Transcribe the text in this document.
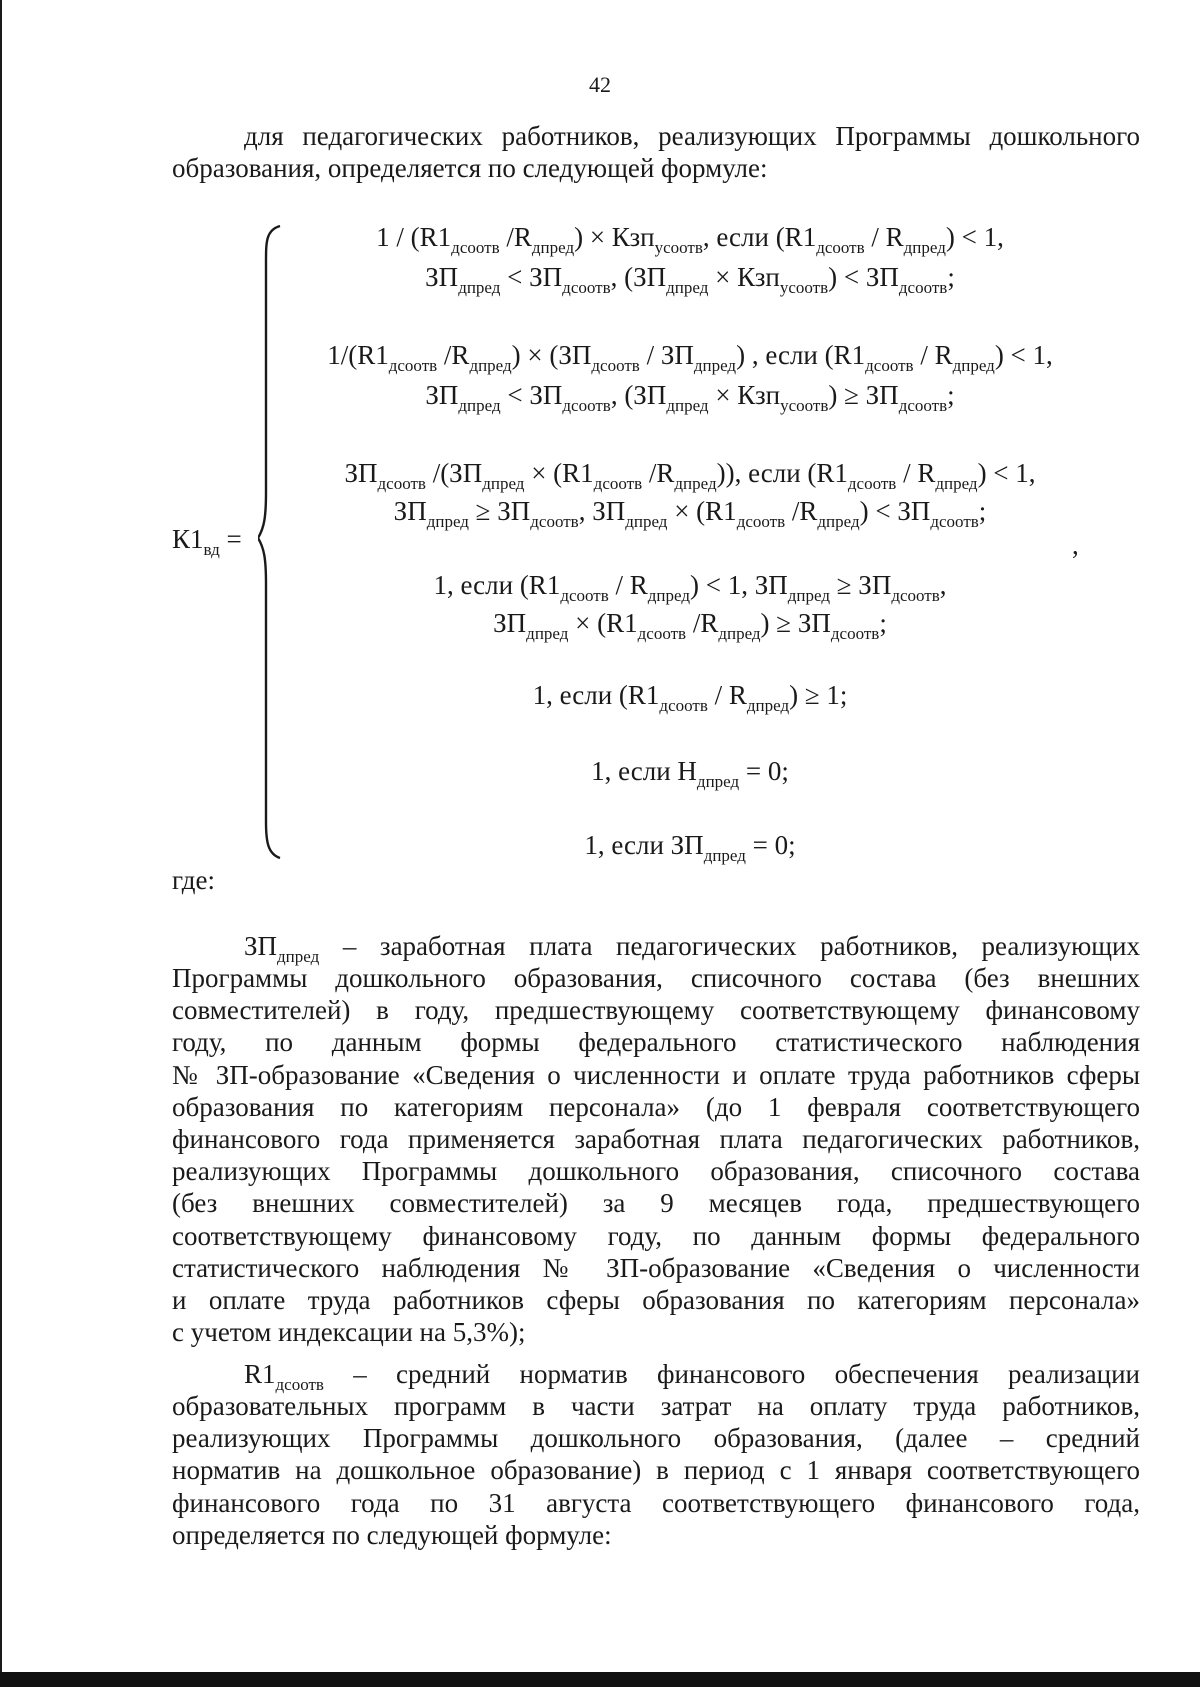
42
для педагогических работников, реализующих Программы дошкольного
образования, определяется по следующей формуле:
$К1_{вд}$ =
$1 / (R1_{дсоотв}$ $/R_{дпред}) \times Кзп_{усоотв}$, если $(R1_{дсоотв} / R_{дпред}) < 1$,
$ЗП_{дпред} < ЗП_{дсоотв}$, $(ЗП_{дпред} \times Кзп_{усоотв}) < ЗП_{дсоотв}$;
$1/(R1_{дсоотв}$ $/R_{дпред}) \times (ЗП_{дсоотв} / ЗП_{дпред})$ , если $(R1_{дсоотв} / R_{дпред}) < 1$,
$ЗП_{дпред} < ЗП_{дсоотв}$, $(ЗП_{дпред} \times Кзп_{усоотв}) \ge ЗП_{дсоотв}$;
$ЗП_{дсоотв}$ $/(ЗП_{дпред} \times (R1_{дсоотв}$ $/R_{дпред}$)), если $(R1_{дсоотв} / R_{дпред}) < 1$,
$ЗП_{дпред} \ge ЗП_{дсоотв}$, $ЗП_{дпред} \times (R1_{дсоотв}$ $/R_{дпред}) < ЗП_{дсоотв}$;
1, если $(R1_{дсоотв} / R_{дпред}) < 1$, $ЗП_{дпред} \ge ЗП_{дсоотв}$,
$ЗП_{дпред} \times (R1_{дсоотв}$ $/R_{дпред}) \ge ЗП_{дсоотв}$;
1, если $(R1_{дсоотв} / R_{дпред}) \ge 1$;
1, если $Н_{дпред} = 0$;
1, если $ЗП_{дпред} = 0$;
,
где:
$ЗП_{дпред}$ – заработная плата педагогических работников, реализующих
Программы дошкольного образования, списочного состава (без внешних
совместителей) в году, предшествующему соответствующему финансовому
году, по данным формы федерального статистического наблюдения
№ ЗП-образование «Сведения о численности и оплате труда работников сферы
образования по категориям персонала» (до 1 февраля соответствующего
финансового года применяется заработная плата педагогических работников,
реализующих Программы дошкольного образования, списочного состава
(без внешних совместителей) за 9 месяцев года, предшествующего
соответствующему финансовому году, по данным формы федерального
статистического наблюдения № ЗП-образование «Сведения о численности
и оплате труда работников сферы образования по категориям персонала»
с учетом индексации на 5,3%);
$R1_{дсоотв}$ – средний норматив финансового обеспечения реализации
образовательных программ в части затрат на оплату труда работников,
реализующих Программы дошкольного образования, (далее – средний
норматив на дошкольное образование) в период с 1 января соответствующего
финансового года по 31 августа соответствующего финансового года,
определяется по следующей формуле:
